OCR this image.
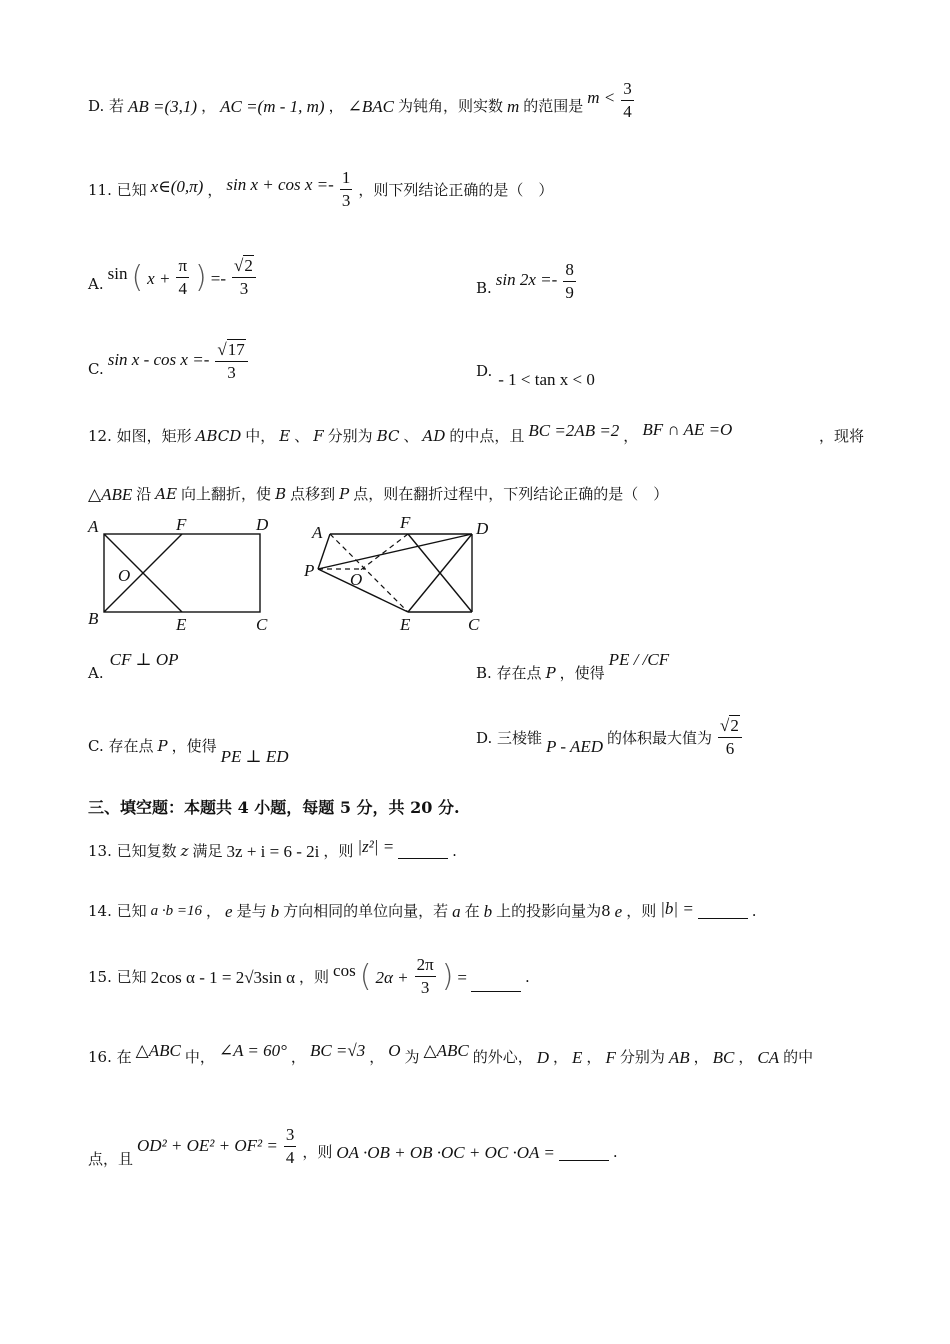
D. 若 AB =(3,1) ， AC =(m - 1, m) ， ∠BAC 为钝角，则实数 m 的范围是 $m < \frac{3}{4}$
11. 已知 x∈(0,π) ， $\sin x + \cos x =- \frac{1}{3}$ ，则下列结论正确的是（　）
A.
sin ( $x + \frac{\pi}{4}$ ) =- $\frac{√2}{3}$	B. $\sin 2x =- \frac{8}{9}$
C. $\sin x - \cos x =- \frac{√17}{3}$	D. - 1 < tan x < 0
12. 如图，矩形 ABCD 中， E 、 F 分别为 BC 、 AD 的中点，且 BC =2AB =2 ， BF ∩ AE =O	，现将
△ABE 沿 AE 向上翻折，使 B 点移到 P 点，则在翻折过程中，下列结论正确的是（　）
A	F	D
O
B	E	C
A
F	D
P O
E	C
A.
CF ⊥ OP
B. 存在点 P ，使得
PE / /CF
C. 存在点 P ，使得
PE ⊥ ED
D. 三棱锥 P - AED 的体积最大值为 $\frac{√2}{6}$
三、填空题：本题共 4 小题，每题 5 分，共 20 分.
13. 已知复数 z 满足 3z + i = 6 - 2i ，则 |z²| =	.
14. 已知 a ·b =16 ， e 是与 b 方向相同的单位向量，若 a 在 b 上的投影向量为8 e ，则 |b| =	.
15. 已知 2cos α - 1 = 2√3sin α ，则 cos ( $2\alpha + \frac{2\pi}{3}$ ) =	.
16. 在 △ABC 中， ∠A = 60° ， BC =√3 ， O 为 △ABC 的外心， D ， E ， F 分别为 AB ， BC ， CA 的中
点，且
$OD^2 + OE^2 + OF^2 = \frac{3}{4}$ ，则 OA ·OB + OB ·OC + OC ·OA =	.
